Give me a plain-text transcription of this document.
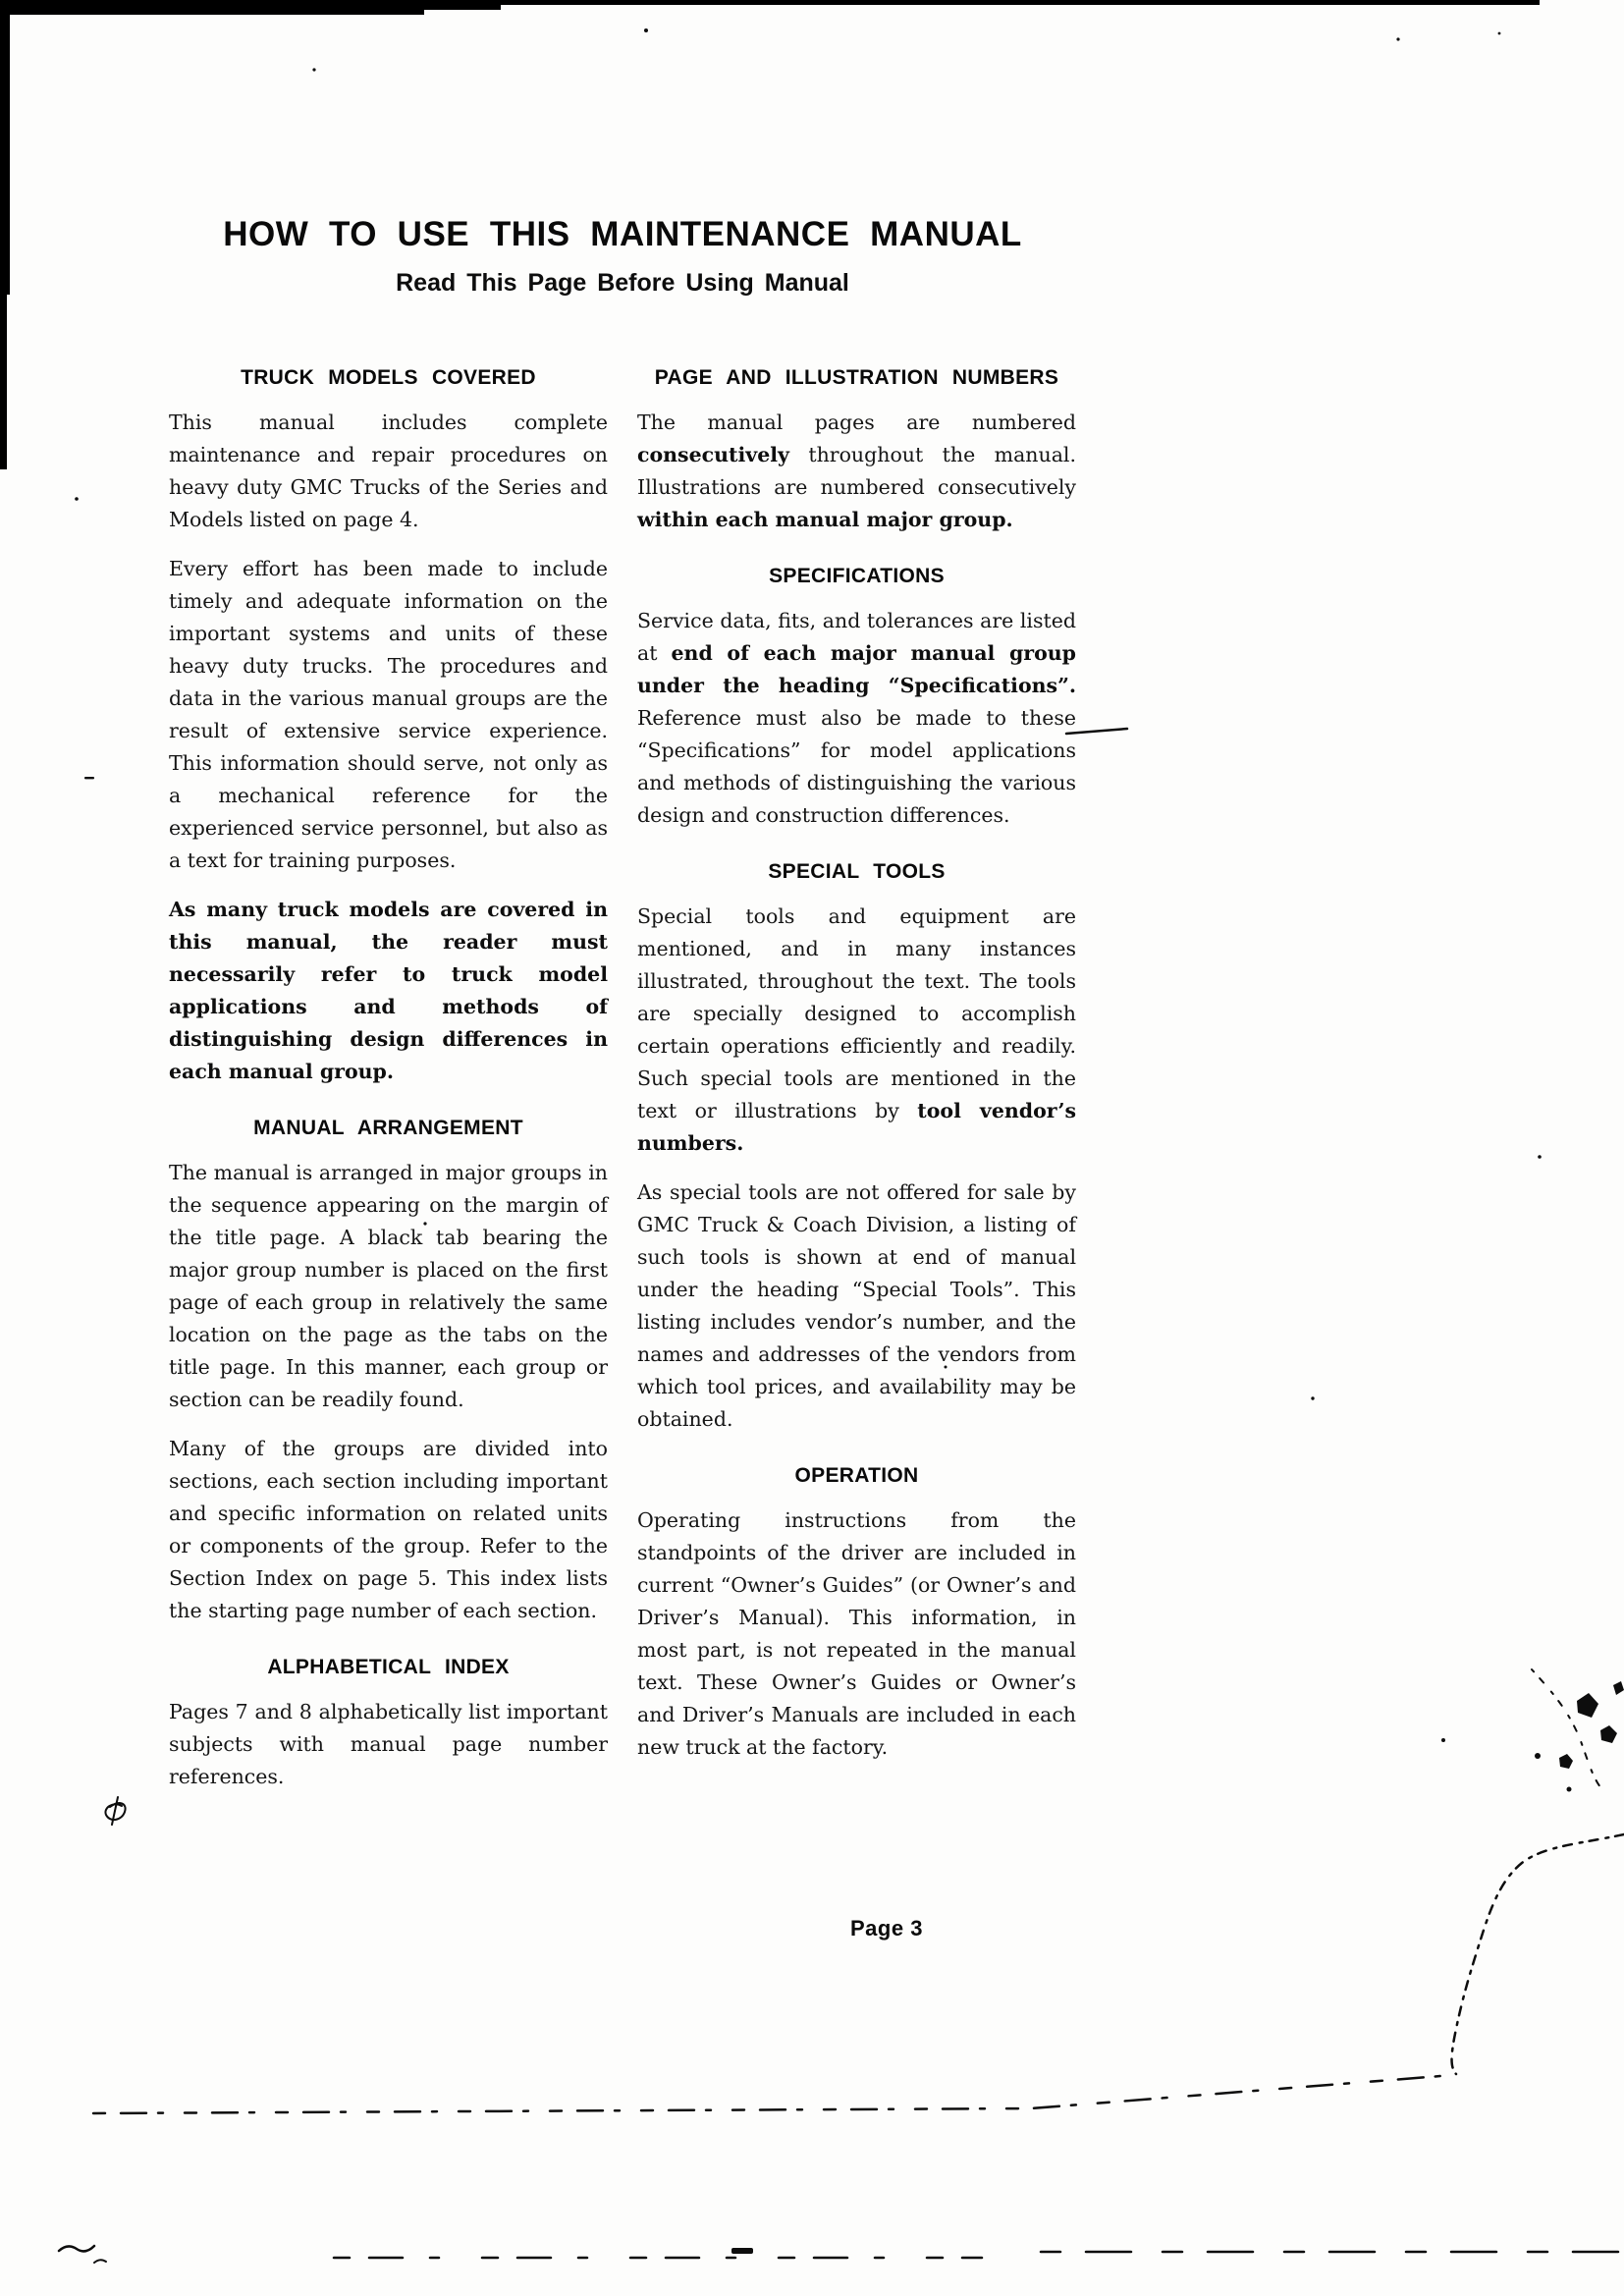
HOW TO USE THIS MAINTENANCE MANUAL
Read This Page Before Using Manual
TRUCK MODELS COVERED

This manual includes complete maintenance and repair procedures on heavy duty GMC Trucks of the Series and Models listed on page 4.

Every effort has been made to include timely and adequate information on the important systems and units of these heavy duty trucks. The procedures and data in the various manual groups are the result of extensive service experience. This information should serve, not only as a mechanical reference for the experienced service personnel, but also as a text for training purposes.

As many truck models are covered in this manual, the reader must necessarily refer to truck model applications and methods of distinguishing design differences in each manual group.

MANUAL ARRANGEMENT

The manual is arranged in major groups in the sequence appearing on the margin of the title page. A black tab bearing the major group number is placed on the first page of each group in relatively the same location on the page as the tabs on the title page. In this manner, each group or section can be readily found.

Many of the groups are divided into sections, each section including important and specific information on related units or components of the group. Refer to the Section Index on page 5. This index lists the starting page number of each section.

ALPHABETICAL INDEX

Pages 7 and 8 alphabetically list important subjects with manual page number references.

PAGE AND ILLUSTRATION NUMBERS

The manual pages are numbered consecutively throughout the manual. Illustrations are numbered consecutively within each manual major group.

SPECIFICATIONS

Service data, fits, and tolerances are listed at end of each major manual group under the heading “Specifications”. Reference must also be made to these “Specifications” for model applications and methods of distinguishing the various design and construction differences.

SPECIAL TOOLS

Special tools and equipment are mentioned, and in many instances illustrated, throughout the text. The tools are specially designed to accomplish certain operations efficiently and readily. Such special tools are mentioned in the text or illustrations by tool vendor’s numbers.

As special tools are not offered for sale by GMC Truck & Coach Division, a listing of such tools is shown at end of manual under the heading “Special Tools”. This listing includes vendor’s number, and the names and addresses of the vendors from which tool prices, and availability may be obtained.

OPERATION

Operating instructions from the standpoints of the driver are included in current “Owner’s Guides” (or Owner’s and Driver’s Manual). This information, in most part, is not repeated in the manual text. These Owner’s Guides or Owner’s and Driver’s Manuals are included in each new truck at the factory.

Page 3
